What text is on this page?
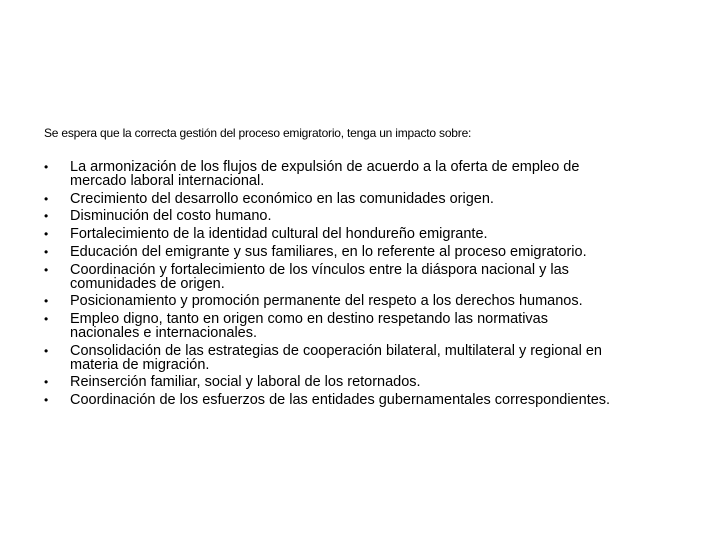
Se espera que la correcta gestión del proceso emigratorio, tenga un impacto sobre:
• La armonización de los flujos de expulsión de acuerdo a la oferta de empleo de
mercado laboral internacional.
• Crecimiento del desarrollo económico en las comunidades origen.
• Disminución del costo humano.
• Fortalecimiento de la identidad cultural del hondureño emigrante.
• Educación del emigrante y sus familiares, en lo referente al proceso emigratorio.
• Coordinación y fortalecimiento de los vínculos entre la diáspora nacional y las
comunidades de origen.
• Posicionamiento y promoción permanente del respeto a los derechos humanos.
• Empleo digno, tanto en origen como en destino respetando las normativas
nacionales e internacionales.
• Consolidación de las estrategias de cooperación bilateral, multilateral y regional en
materia de migración.
• Reinserción familiar, social y laboral de los retornados.
• Coordinación de los esfuerzos de las entidades gubernamentales correspondientes.
